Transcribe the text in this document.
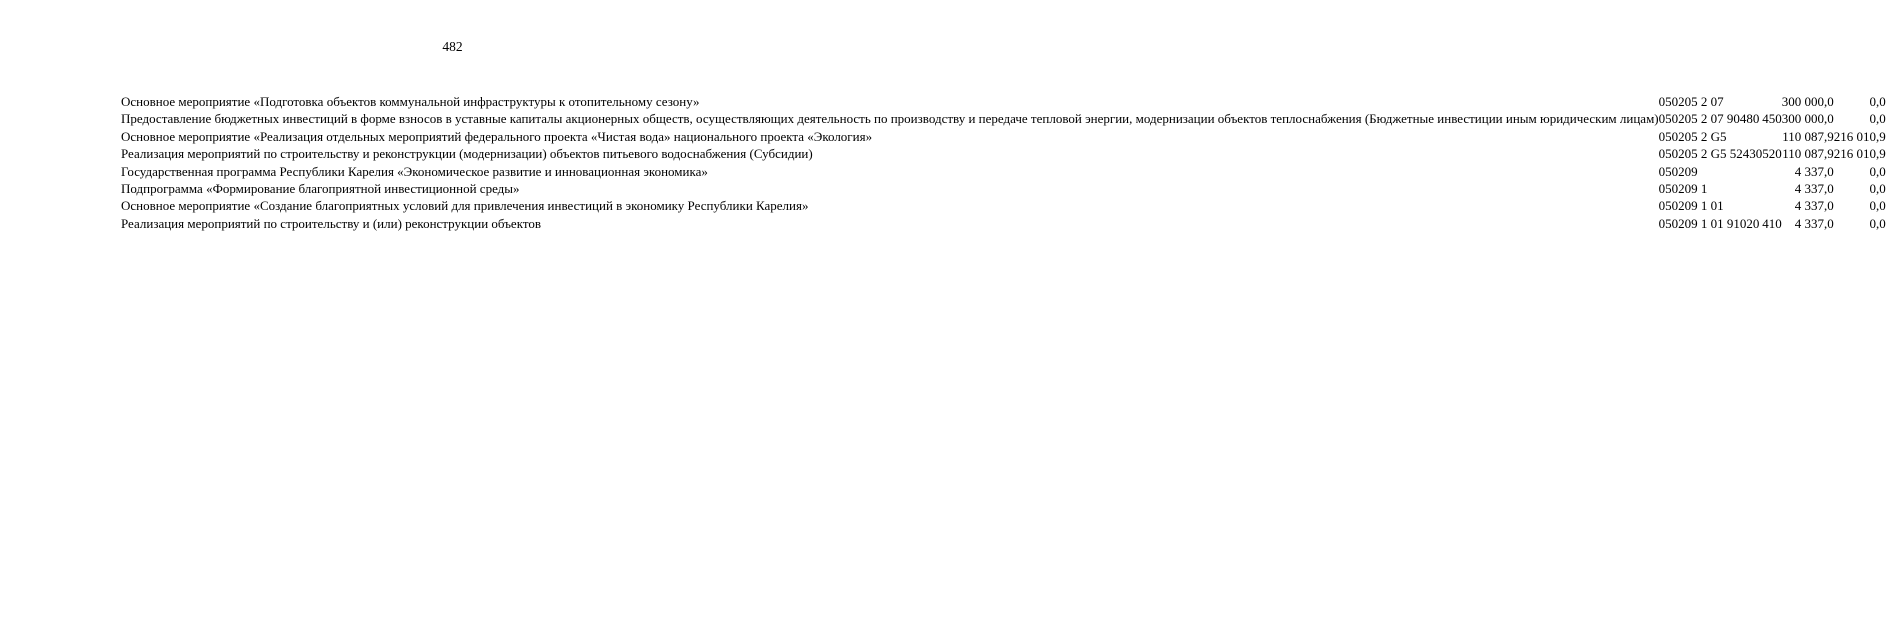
482
Основное мероприятие «Подготовка объектов коммунальной инфраструктуры к отопительному сезону»	05	02	05 2 07		300 000,0	0,0
Предоставление бюджетных инвестиций в форме взносов в уставные капиталы акционерных обществ, осуществляющих деятельность по производству и передаче тепловой энергии, модернизации объектов теплоснабжения (Бюджетные инвестиции иным юридическим лицам)	05	02	05 2 07 90480	450	300 000,0	0,0
Основное мероприятие «Реализация отдельных мероприятий федерального проекта «Чистая вода» национального проекта «Экология»	05	02	05 2 G5		110 087,9	216 010,9
Реализация мероприятий по строительству и реконструкции (модернизации) объектов питьевого водоснабжения (Субсидии)	05	02	05 2 G5 52430	520	110 087,9	216 010,9
Государственная программа Республики Карелия «Экономическое развитие и инновационная экономика»	05	02	09		4 337,0	0,0
Подпрограмма «Формирование благоприятной инвестиционной среды»	05	02	09 1		4 337,0	0,0
Основное мероприятие «Создание благоприятных условий для привлечения инвестиций в экономику Республики Карелия»	05	02	09 1 01		4 337,0	0,0
Реализация мероприятий по строительству и (или) реконструкции объектов	05	02	09 1 01 91020	410	4 337,0	0,0
